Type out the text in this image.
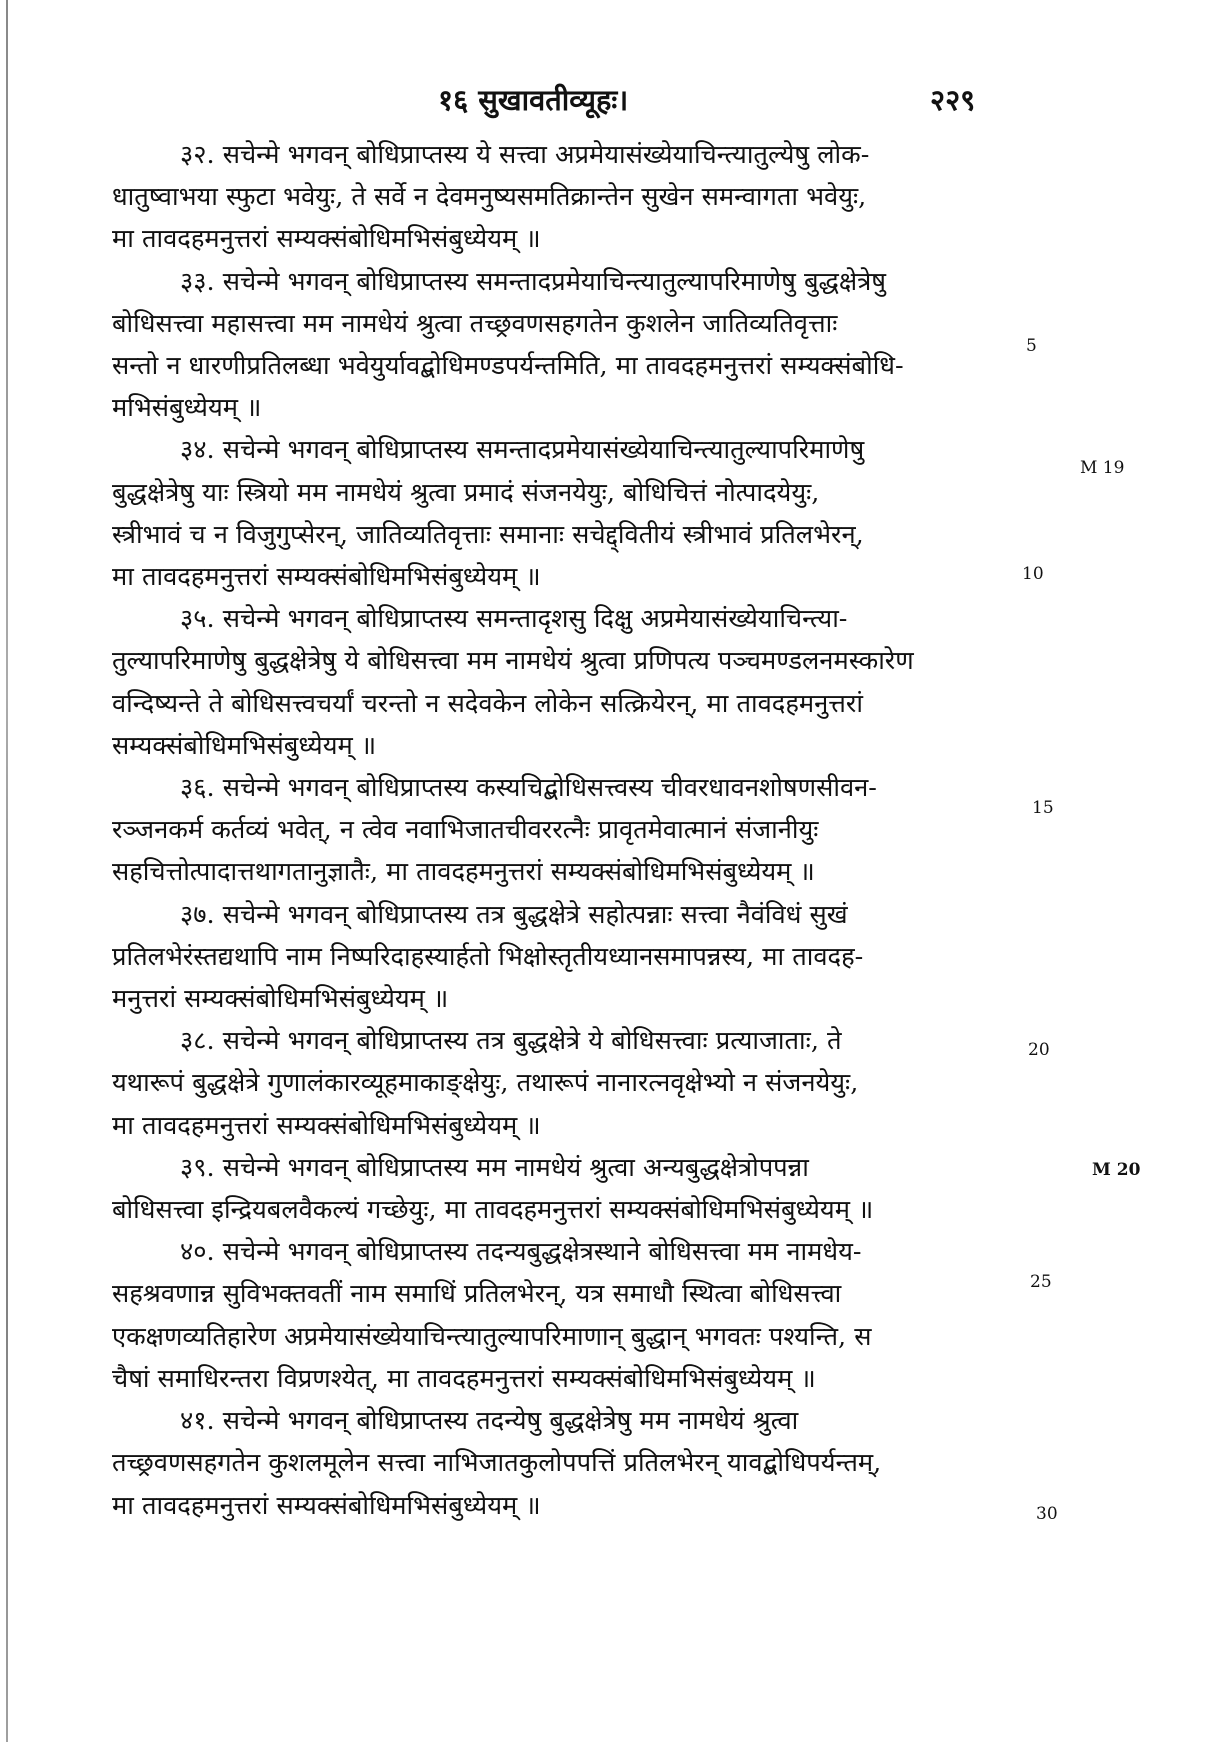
१६ सुखावतीव्यूहः।	२२९
३२. सचेन्मे भगवन् बोधिप्राप्तस्य ये सत्त्वा अप्रमेयासंख्येयाचिन्त्यातुल्येषु लोक-
धातुष्वाभया स्फुटा भवेयुः, ते सर्वे न देवमनुष्यसमतिक्रान्तेन सुखेन समन्वागता भवेयुः,
मा तावदहमनुत्तरां सम्यक्संबोधिमभिसंबुध्येयम् ॥
३३. सचेन्मे भगवन् बोधिप्राप्तस्य समन्तादप्रमेयाचिन्त्यातुल्यापरिमाणेषु बुद्धक्षेत्रेषु
बोधिसत्त्वा महासत्त्वा मम नामधेयं श्रुत्वा तच्छ्रवणसहगतेन कुशलेन जातिव्यतिवृत्ताः
सन्तो न धारणीप्रतिलब्धा भवेयुर्यावद्बोधिमण्डपर्यन्तमिति, मा तावदहमनुत्तरां सम्यक्संबोधि-
मभिसंबुध्येयम् ॥
३४. सचेन्मे भगवन् बोधिप्राप्तस्य समन्तादप्रमेयासंख्येयाचिन्त्यातुल्यापरिमाणेषु
बुद्धक्षेत्रेषु याः स्त्रियो मम नामधेयं श्रुत्वा प्रमादं संजनयेयुः, बोधिचित्तं नोत्पादयेयुः,
स्त्रीभावं च न विजुगुप्सेरन्, जातिव्यतिवृत्ताः समानाः सचेद्द्वितीयं स्त्रीभावं प्रतिलभेरन्,
मा तावदहमनुत्तरां सम्यक्संबोधिमभिसंबुध्येयम् ॥
३५. सचेन्मे भगवन् बोधिप्राप्तस्य समन्तादृशसु दिक्षु अप्रमेयासंख्येयाचिन्त्या-
तुल्यापरिमाणेषु बुद्धक्षेत्रेषु ये बोधिसत्त्वा मम नामधेयं श्रुत्वा प्रणिपत्य पञ्चमण्डलनमस्कारेण
वन्दिष्यन्ते ते बोधिसत्त्वचर्यां चरन्तो न सदेवकेन लोकेन सत्क्रियेरन्, मा तावदहमनुत्तरां
सम्यक्संबोधिमभिसंबुध्येयम् ॥
३६. सचेन्मे भगवन् बोधिप्राप्तस्य कस्यचिद्बोधिसत्त्वस्य चीवरधावनशोषणसीवन-
रञ्जनकर्म कर्तव्यं भवेत्, न त्वेव नवाभिजातचीवररत्नैः प्रावृतमेवात्मानं संजानीयुः
सहचित्तोत्पादात्तथागतानुज्ञातैः, मा तावदहमनुत्तरां सम्यक्संबोधिमभिसंबुध्येयम् ॥
३७. सचेन्मे भगवन् बोधिप्राप्तस्य तत्र बुद्धक्षेत्रे सहोत्पन्नाः सत्त्वा नैवंविधं सुखं
प्रतिलभेरंस्तद्यथापि नाम निष्परिदाहस्यार्हतो भिक्षोस्तृतीयध्यानसमापन्नस्य, मा तावदह-
मनुत्तरां सम्यक्संबोधिमभिसंबुध्येयम् ॥
३८. सचेन्मे भगवन् बोधिप्राप्तस्य तत्र बुद्धक्षेत्रे ये बोधिसत्त्वाः प्रत्याजाताः, ते
यथारूपं बुद्धक्षेत्रे गुणालंकारव्यूहमाकाङ्क्षेयुः, तथारूपं नानारत्नवृक्षेभ्यो न संजनयेयुः,
मा तावदहमनुत्तरां सम्यक्संबोधिमभिसंबुध्येयम् ॥
३९. सचेन्मे भगवन् बोधिप्राप्तस्य मम नामधेयं श्रुत्वा अन्यबुद्धक्षेत्रोपपन्ना
बोधिसत्त्वा इन्द्रियबलवैकल्यं गच्छेयुः, मा तावदहमनुत्तरां सम्यक्संबोधिमभिसंबुध्येयम् ॥
४०. सचेन्मे भगवन् बोधिप्राप्तस्य तदन्यबुद्धक्षेत्रस्थाने बोधिसत्त्वा मम नामधेय-
सहश्रवणान्न सुविभक्तवतीं नाम समाधिं प्रतिलभेरन्, यत्र समाधौ स्थित्वा बोधिसत्त्वा
एकक्षणव्यतिहारेण अप्रमेयासंख्येयाचिन्त्यातुल्यापरिमाणान् बुद्धान् भगवतः पश्यन्ति, स
चैषां समाधिरन्तरा विप्रणश्येत्, मा तावदहमनुत्तरां सम्यक्संबोधिमभिसंबुध्येयम् ॥
४१. सचेन्मे भगवन् बोधिप्राप्तस्य तदन्येषु बुद्धक्षेत्रेषु मम नामधेयं श्रुत्वा
तच्छ्रवणसहगतेन कुशलमूलेन सत्त्वा नाभिजातकुलोपपत्तिं प्रतिलभेरन् यावद्बोधिपर्यन्तम्,
मा तावदहमनुत्तरां सम्यक्संबोधिमभिसंबुध्येयम् ॥
5
10
15
20
25
30
M 19
M 20
